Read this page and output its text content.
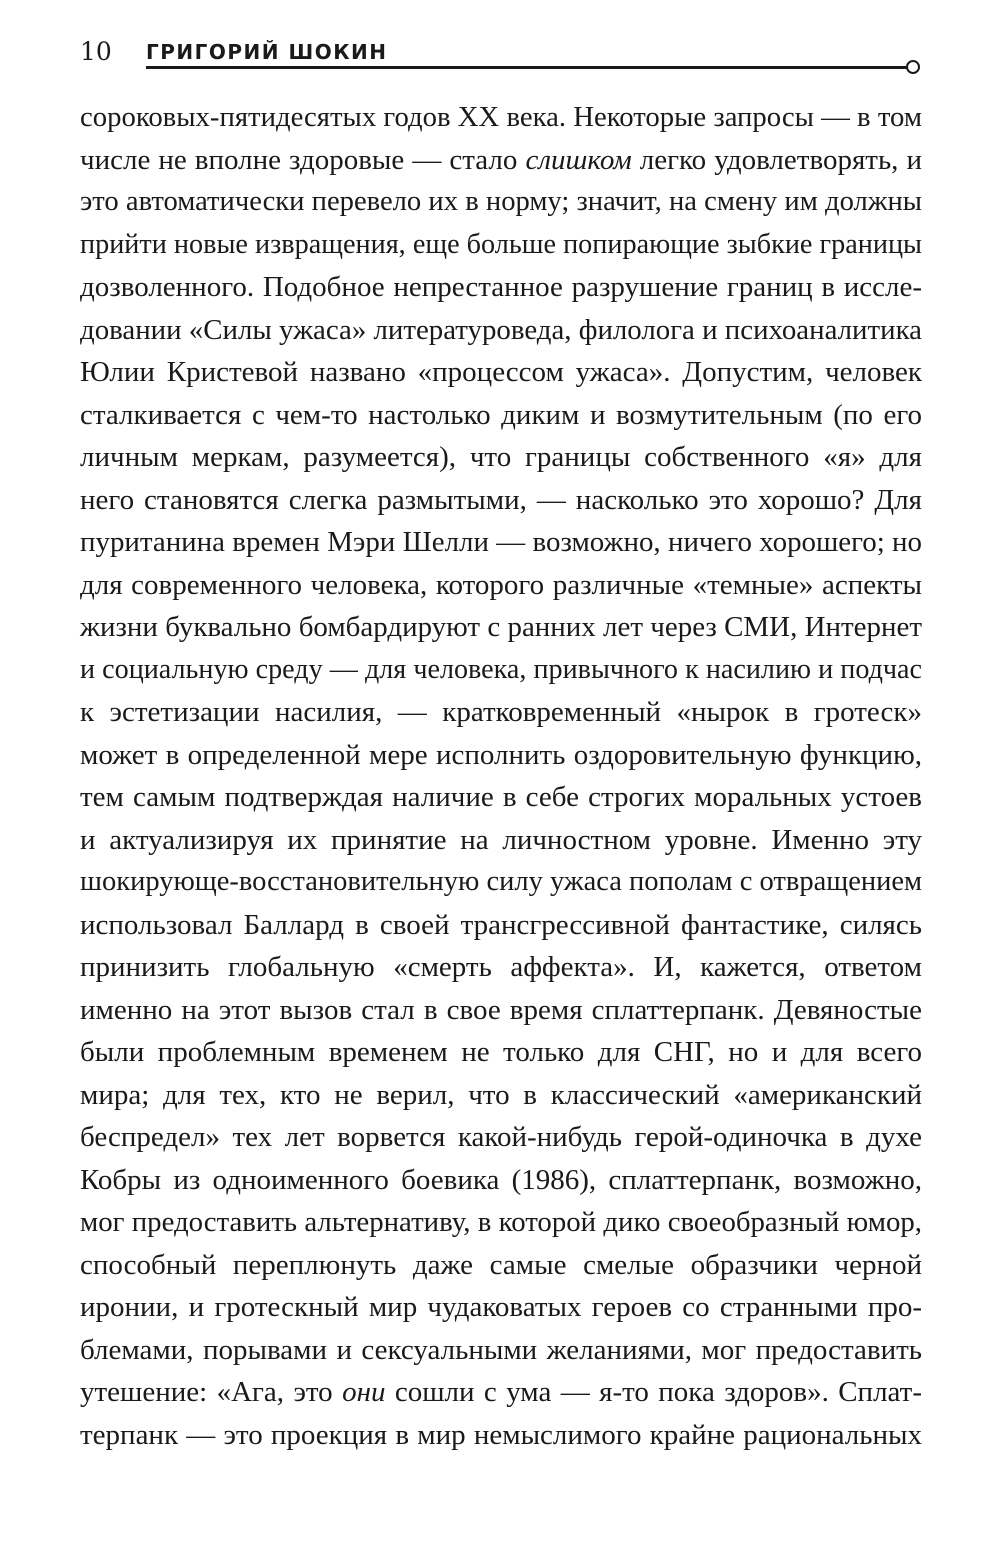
10 ГРИГОРИЙ ШОКИН
сороковых-пятидесятых годов XX века. Некоторые запросы — в том
числе не вполне здоровые — стало слишком легко удовлетворять, и
это автоматически перевело их в норму; значит, на смену им должны
прийти новые извращения, еще больше попирающие зыбкие границы
дозволенного. Подобное непрестанное разрушение границ в иссле-
довании «Силы ужаса» литературоведа, филолога и психоаналитика
Юлии Кристевой названо «процессом ужаса». Допустим, человек
сталкивается с чем-то настолько диким и возмутительным (по его
личным меркам, разумеется), что границы собственного «я» для
него становятся слегка размытыми, — насколько это хорошо? Для
пуританина времен Мэри Шелли — возможно, ничего хорошего; но
для современного человека, которого различные «темные» аспекты
жизни буквально бомбардируют с ранних лет через СМИ, Интернет
и социальную среду — для человека, привычного к насилию и подчас
к эстетизации насилия, — кратковременный «нырок в гротеск»
может в определенной мере исполнить оздоровительную функцию,
тем самым подтверждая наличие в себе строгих моральных устоев
и актуализируя их принятие на личностном уровне. Именно эту
шокирующе-восстановительную силу ужаса пополам с отвращением
использовал Баллард в своей трансгрессивной фантастике, силясь
принизить глобальную «смерть аффекта». И, кажется, ответом
именно на этот вызов стал в свое время сплаттерпанк. Девяностые
были проблемным временем не только для СНГ, но и для всего
мира; для тех, кто не верил, что в классический «американский
беспредел» тех лет ворвется какой-нибудь герой-одиночка в духе
Кобры из одноименного боевика (1986), сплаттерпанк, возможно,
мог предоставить альтернативу, в которой дико своеобразный юмор,
способный переплюнуть даже самые смелые образчики черной
иронии, и гротескный мир чудаковатых героев со странными про-
блемами, порывами и сексуальными желаниями, мог предоставить
утешение: «Ага, это они сошли с ума — я-то пока здоров». Сплат-
терпанк — это проекция в мир немыслимого крайне рациональных
